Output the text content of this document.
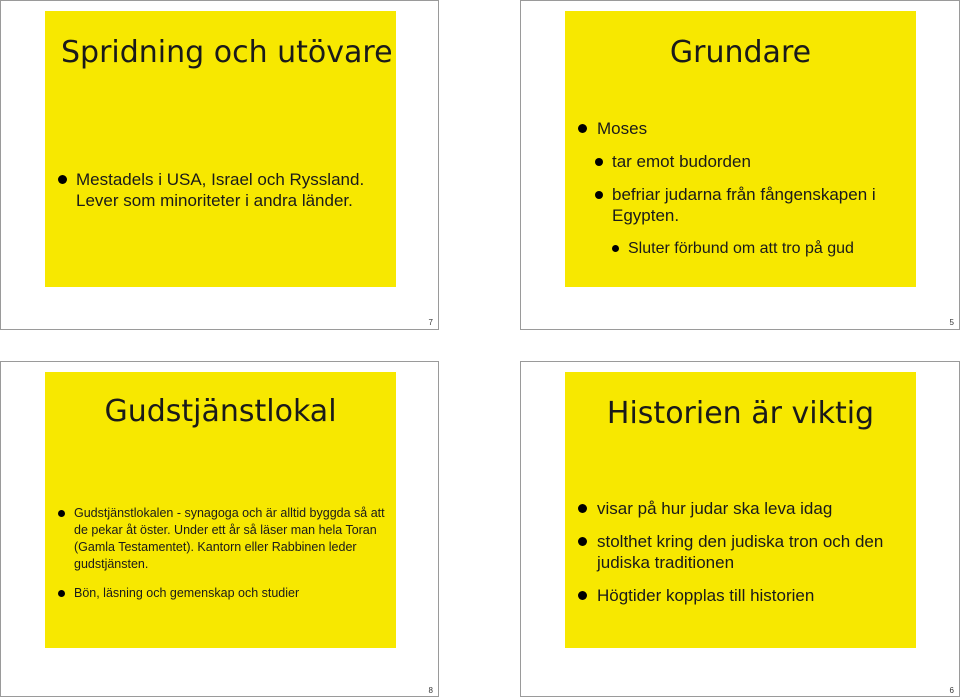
Spridning och utövare
Mestadels i USA, Israel och Ryssland. Lever som minoriteter i andra länder.
7
Grundare
Moses
tar emot budorden
befriar judarna från fångenskapen i Egypten.
Sluter förbund om att tro på gud
5
Gudstjänstlokal
Gudstjänstlokalen - synagoga och är alltid byggda så att de pekar åt öster. Under ett år så läser man hela Toran (Gamla Testamentet). Kantorn eller Rabbinen leder gudstjänsten.
Bön, läsning och gemenskap och studier
8
Historien är viktig
visar på hur judar ska leva idag
stolthet kring den judiska tron och den judiska traditionen
Högtider kopplas till historien
6
